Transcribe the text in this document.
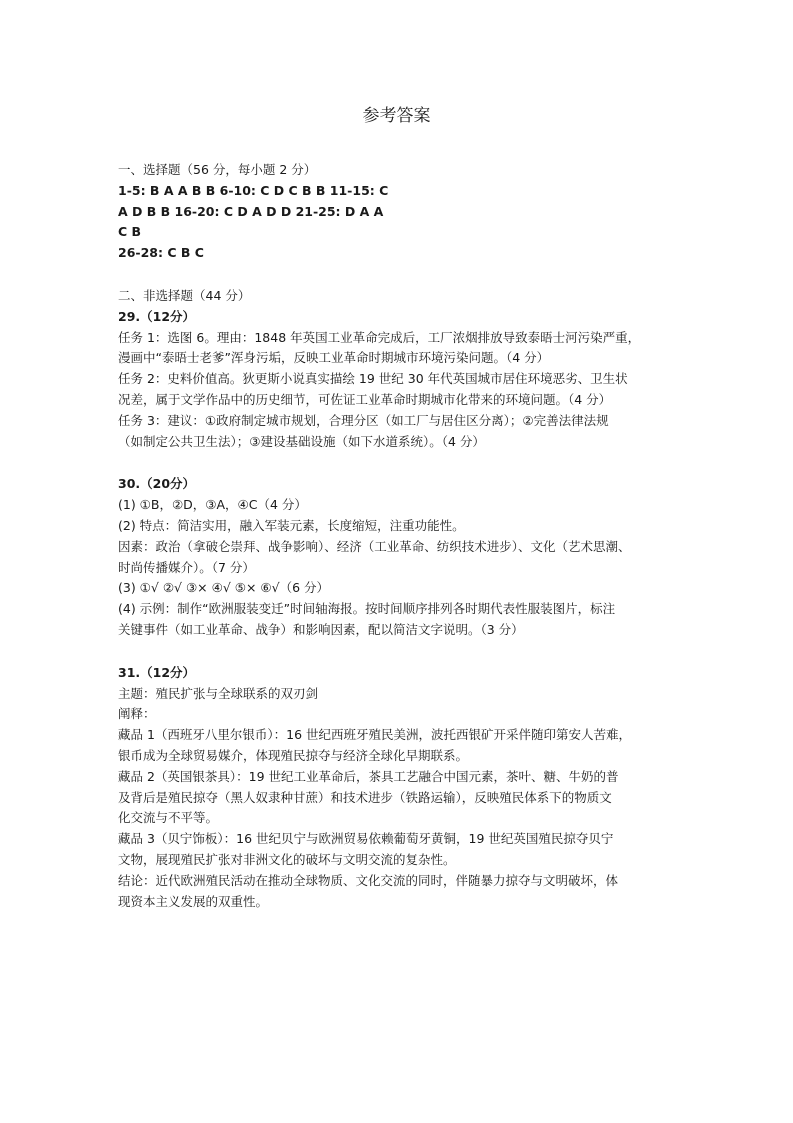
参考答案
一、选择题（56 分，每小题 2 分）
1-5: B A A B B 6-10: C D C B B 11-15: C
A D B B 16-20: C D A D D 21-25: D A A
C B
26-28: C B C
二、非选择题（44 分）
29.（12分）
任务 1：选图 6。理由：1848 年英国工业革命完成后，工厂浓烟排放导致泰晤士河污染严重，
漫画中“泰晤士老爹”浑身污垢，反映工业革命时期城市环境污染问题。（4 分）
任务 2：史料价值高。狄更斯小说真实描绘 19 世纪 30 年代英国城市居住环境恶劣、卫生状
况差，属于文学作品中的历史细节，可佐证工业革命时期城市化带来的环境问题。（4 分）
任务 3：建议：①政府制定城市规划，合理分区（如工厂与居住区分离）；②完善法律法规
（如制定公共卫生法）；③建设基础设施（如下水道系统）。（4 分）
30.（20分）
(1) ①B，②D，③A，④C（4 分）
(2) 特点：简洁实用，融入军装元素，长度缩短，注重功能性。
因素：政治（拿破仑崇拜、战争影响）、经济（工业革命、纺织技术进步）、文化（艺术思潮、
时尚传播媒介）。（7 分）
(3) ①√ ②√ ③× ④√ ⑤× ⑥√（6 分）
(4) 示例：制作“欧洲服装变迁”时间轴海报。按时间顺序排列各时期代表性服装图片，标注
关键事件（如工业革命、战争）和影响因素，配以简洁文字说明。（3 分）
31.（12分）
主题：殖民扩张与全球联系的双刃剑
阐释：
藏品 1（西班牙八里尔银币）：16 世纪西班牙殖民美洲，波托西银矿开采伴随印第安人苦难，
银币成为全球贸易媒介，体现殖民掠夺与经济全球化早期联系。
藏品 2（英国银茶具）：19 世纪工业革命后，茶具工艺融合中国元素，茶叶、糖、牛奶的普
及背后是殖民掠夺（黑人奴隶种甘蔗）和技术进步（铁路运输），反映殖民体系下的物质文
化交流与不平等。
藏品 3（贝宁饰板）：16 世纪贝宁与欧洲贸易依赖葡萄牙黄铜，19 世纪英国殖民掠夺贝宁
文物，展现殖民扩张对非洲文化的破坏与文明交流的复杂性。
结论：近代欧洲殖民活动在推动全球物质、文化交流的同时，伴随暴力掠夺与文明破坏，体
现资本主义发展的双重性。
